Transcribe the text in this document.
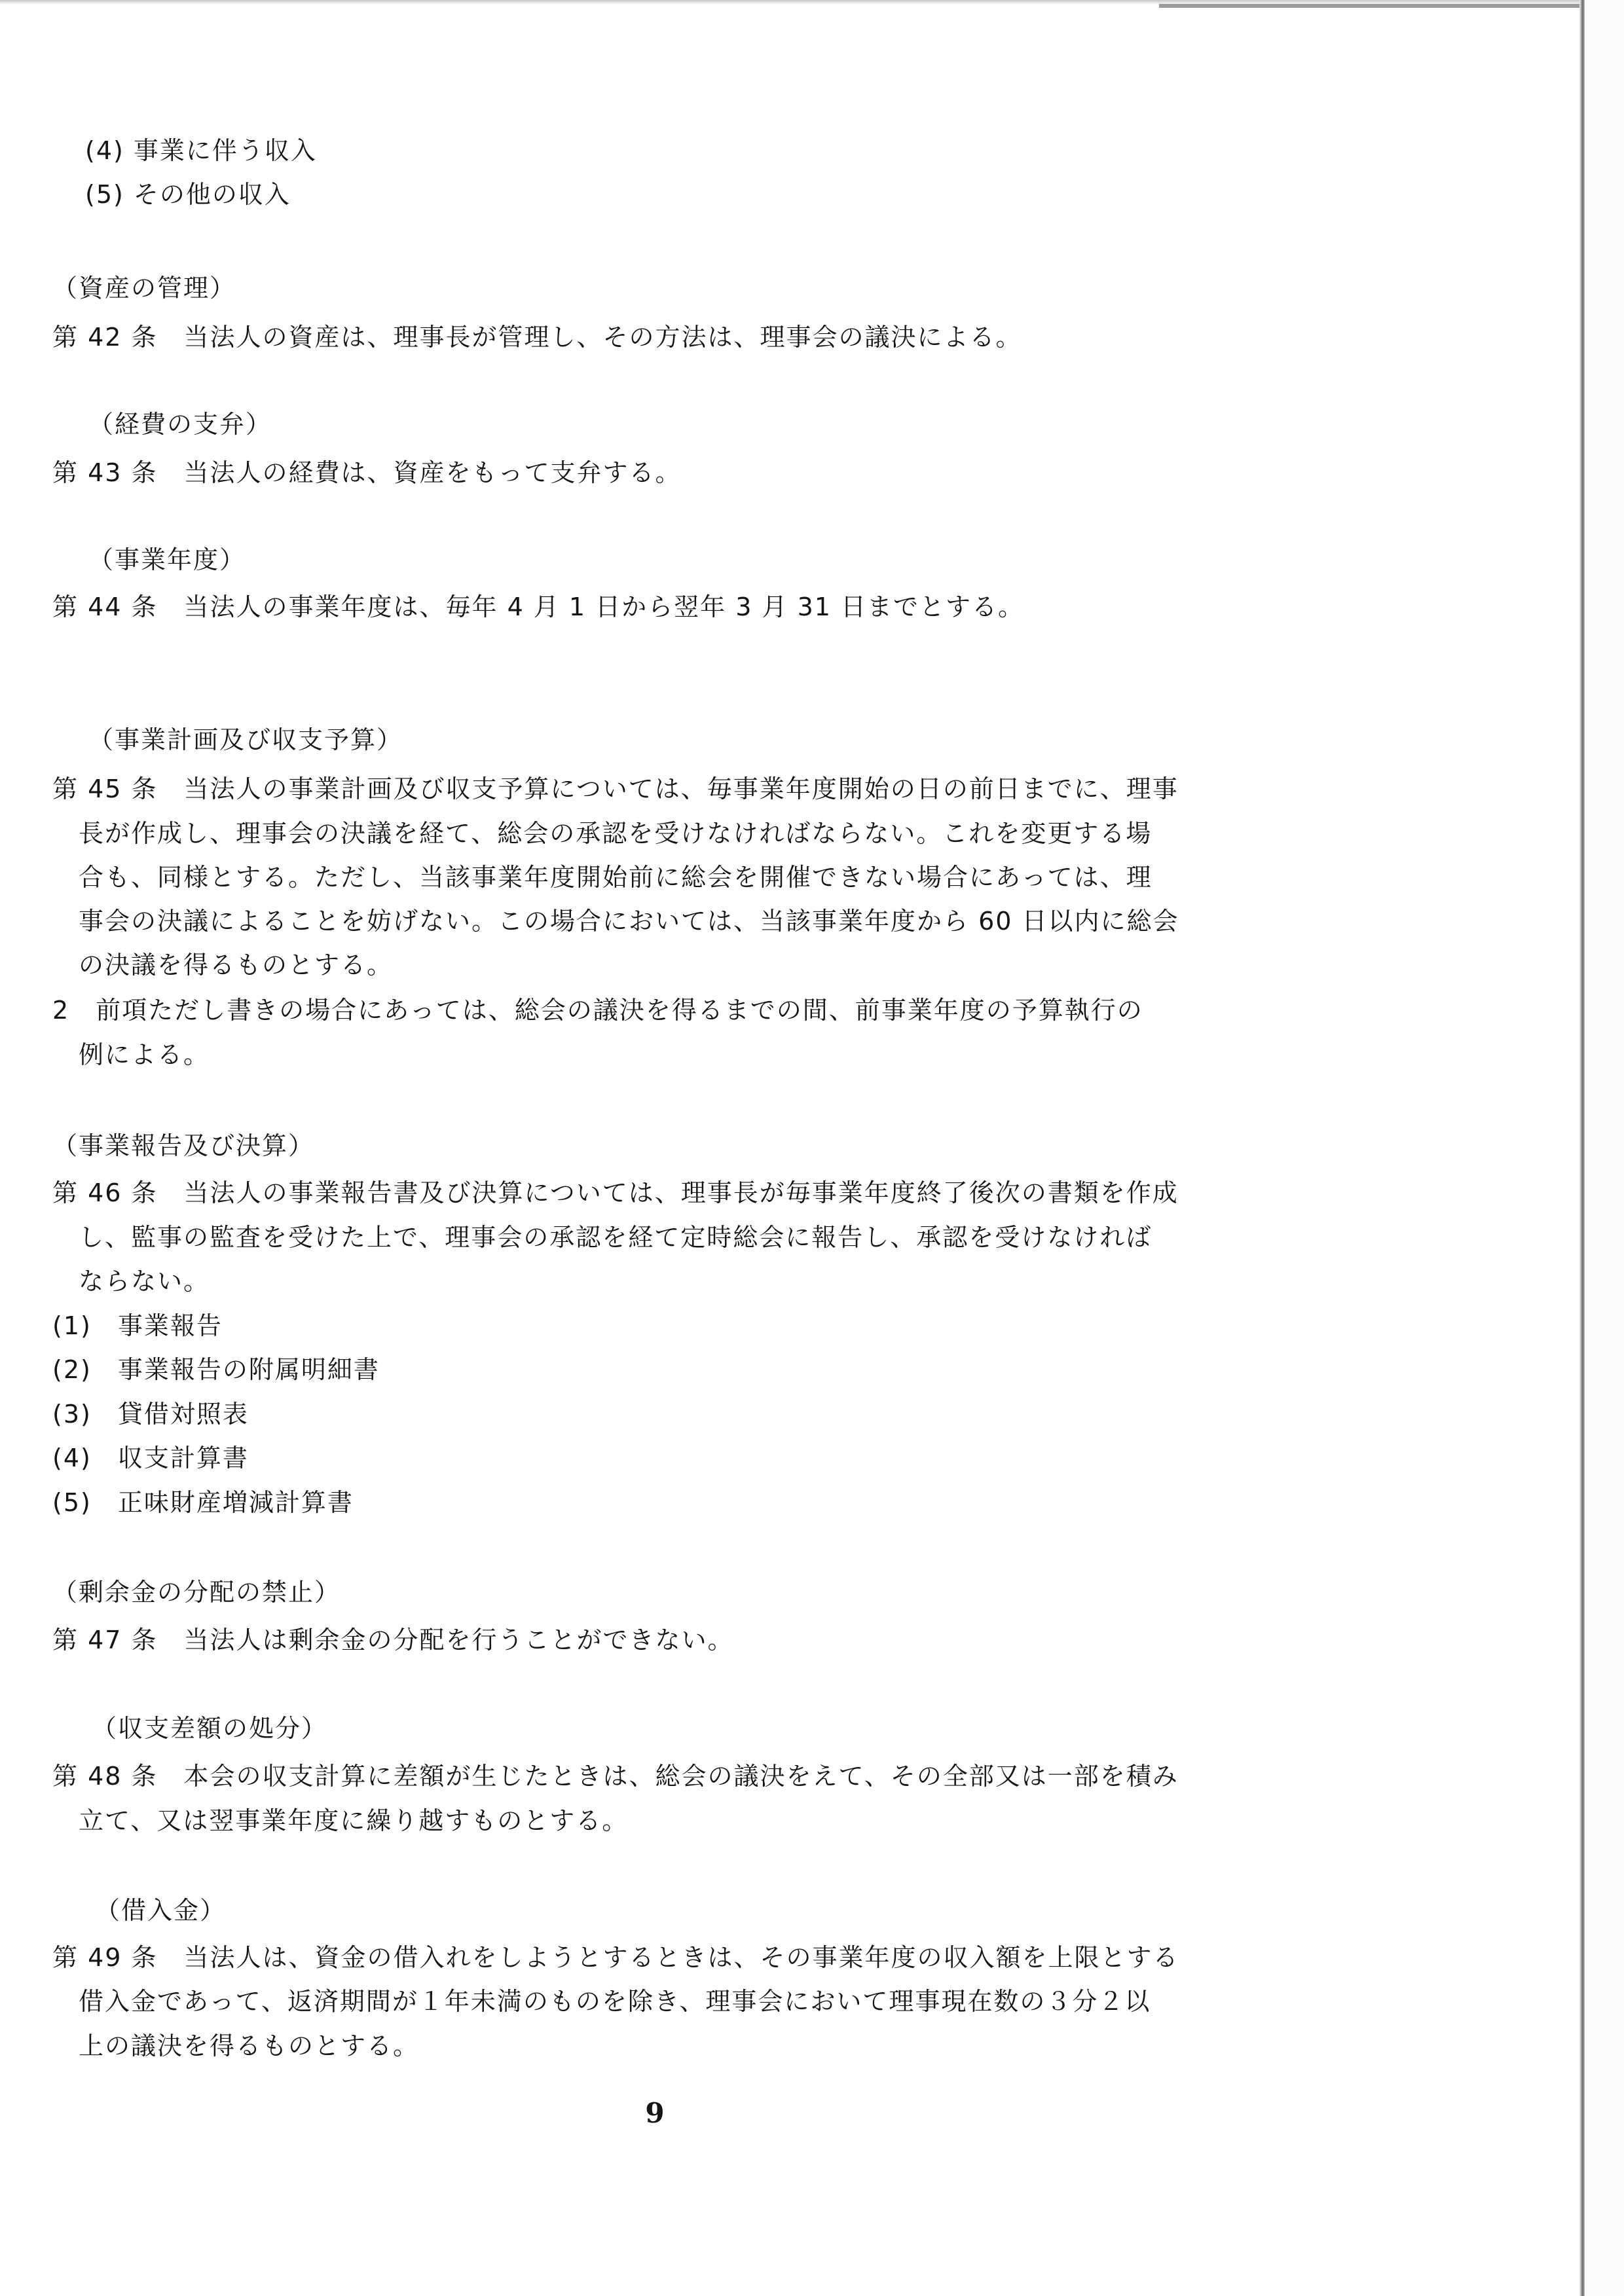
(4) 事業に伴う収入
(5) その他の収入
（資産の管理）
第 42 条　当法人の資産は、理事長が管理し、その方法は、理事会の議決による。
（経費の支弁）
第 43 条　当法人の経費は、資産をもって支弁する。
（事業年度）
第 44 条　当法人の事業年度は、毎年 4 月 1 日から翌年 3 月 31 日までとする。
（事業計画及び収支予算）
第 45 条　当法人の事業計画及び収支予算については、毎事業年度開始の日の前日までに、理事
長が作成し、理事会の決議を経て、総会の承認を受けなければならない。これを変更する場
合も、同様とする。ただし、当該事業年度開始前に総会を開催できない場合にあっては、理
事会の決議によることを妨げない。この場合においては、当該事業年度から 60 日以内に総会
の決議を得るものとする。
2　前項ただし書きの場合にあっては、総会の議決を得るまでの間、前事業年度の予算執行の
例による。
（事業報告及び決算）
第 46 条　当法人の事業報告書及び決算については、理事長が毎事業年度終了後次の書類を作成
し、監事の監査を受けた上で、理事会の承認を経て定時総会に報告し、承認を受けなければ
ならない。
(1)　事業報告
(2)　事業報告の附属明細書
(3)　貸借対照表
(4)　収支計算書
(5)　正味財産増減計算書
（剰余金の分配の禁止）
第 47 条　当法人は剰余金の分配を行うことができない。
（収支差額の処分）
第 48 条　本会の収支計算に差額が生じたときは、総会の議決をえて、その全部又は一部を積み
立て、又は翌事業年度に繰り越すものとする。
（借入金）
第 49 条　当法人は、資金の借入れをしようとするときは、その事業年度の収入額を上限とする
借入金であって、返済期間が１年未満のものを除き、理事会において理事現在数の３分２以
上の議決を得るものとする。
9
